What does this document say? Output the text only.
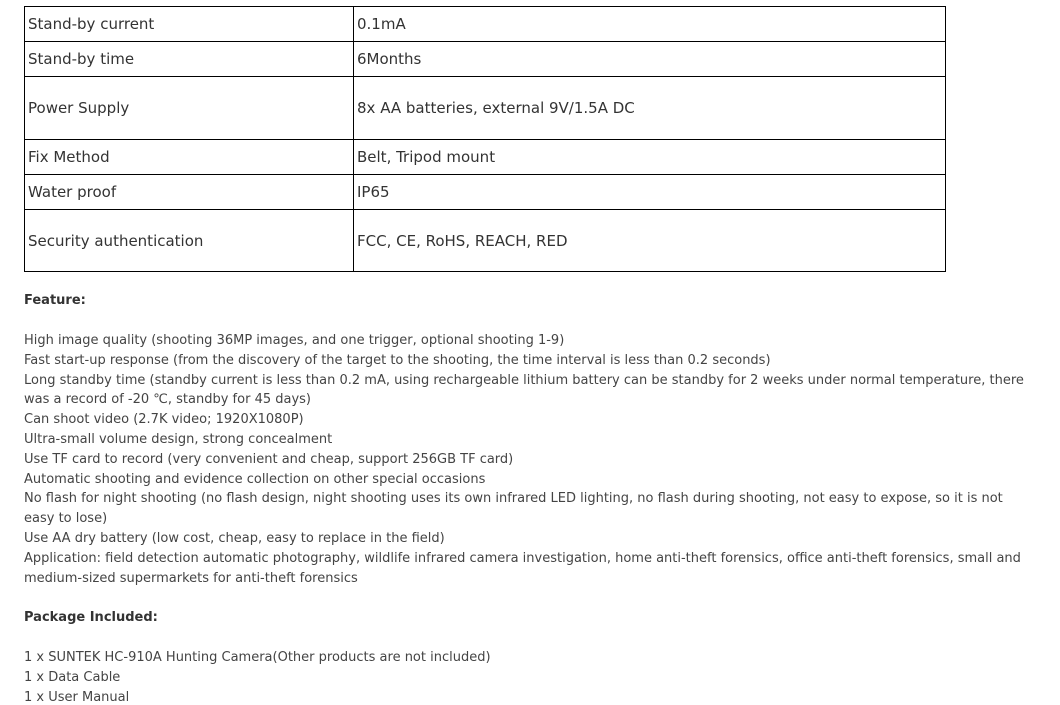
Stand-by current	0.1mA
Stand-by time	6Months
Power Supply	8x AA batteries, external 9V/1.5A DC
Fix Method	Belt, Tripod mount
Water proof	IP65
Security authentication	FCC, CE, RoHS, REACH, RED

Feature:

High image quality (shooting 36MP images, and one trigger, optional shooting 1-9)
Fast start-up response (from the discovery of the target to the shooting, the time interval is less than 0.2 seconds)
Long standby time (standby current is less than 0.2 mA, using rechargeable lithium battery can be standby for 2 weeks under normal temperature, there was a record of -20 ℃, standby for 45 days)
Can shoot video (2.7K video; 1920X1080P)
Ultra-small volume design, strong concealment
Use TF card to record (very convenient and cheap, support 256GB TF card)
Automatic shooting and evidence collection on other special occasions
No flash for night shooting (no flash design, night shooting uses its own infrared LED lighting, no flash during shooting, not easy to expose, so it is not easy to lose)
Use AA dry battery (low cost, cheap, easy to replace in the field)
Application: field detection automatic photography, wildlife infrared camera investigation, home anti-theft forensics, office anti-theft forensics, small and medium-sized supermarkets for anti-theft forensics

Package Included:

1 x SUNTEK HC-910A Hunting Camera(Other products are not included)
1 x Data Cable
1 x User Manual
